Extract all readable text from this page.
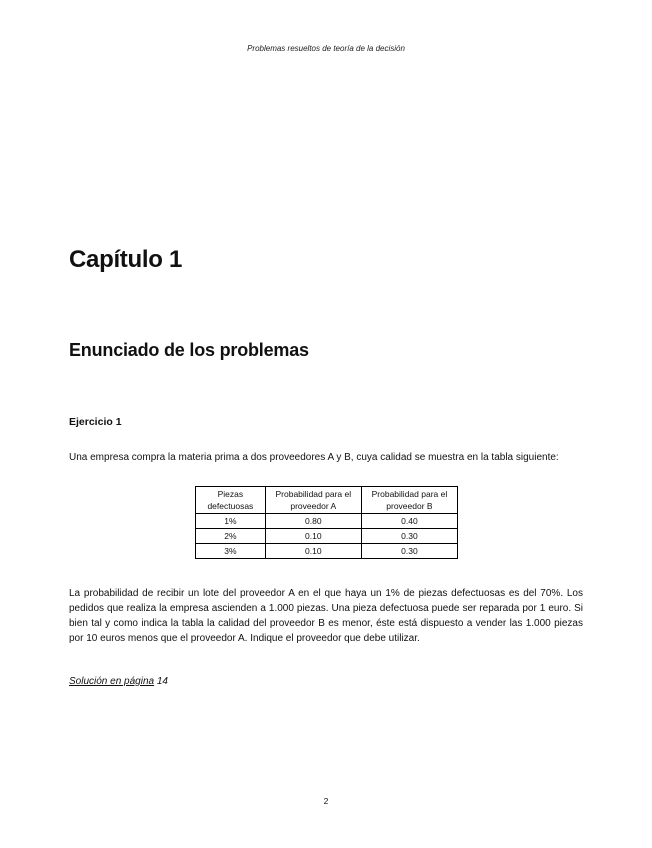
Problemas resueltos de teoría de la decisión
Capítulo 1
Enunciado de los problemas
Ejercicio 1

Una empresa compra la materia prima a dos proveedores A y B, cuya calidad se muestra en la tabla siguiente:

Piezas defectuosas	Probabilidad para el proveedor A	Probabilidad para el proveedor B
1%	0.80	0.40
2%	0.10	0.30
3%	0.10	0.30

La probabilidad de recibir un lote del proveedor A en el que haya un 1% de piezas defectuosas es del 70%. Los pedidos que realiza la empresa ascienden a 1.000 piezas. Una pieza defectuosa puede ser reparada por 1 euro. Si bien tal y como indica la tabla la calidad del proveedor B es menor, éste está dispuesto a vender las 1.000 piezas por 10 euros menos que el proveedor A. Indique el proveedor que debe utilizar.

Solución en página 14
2
